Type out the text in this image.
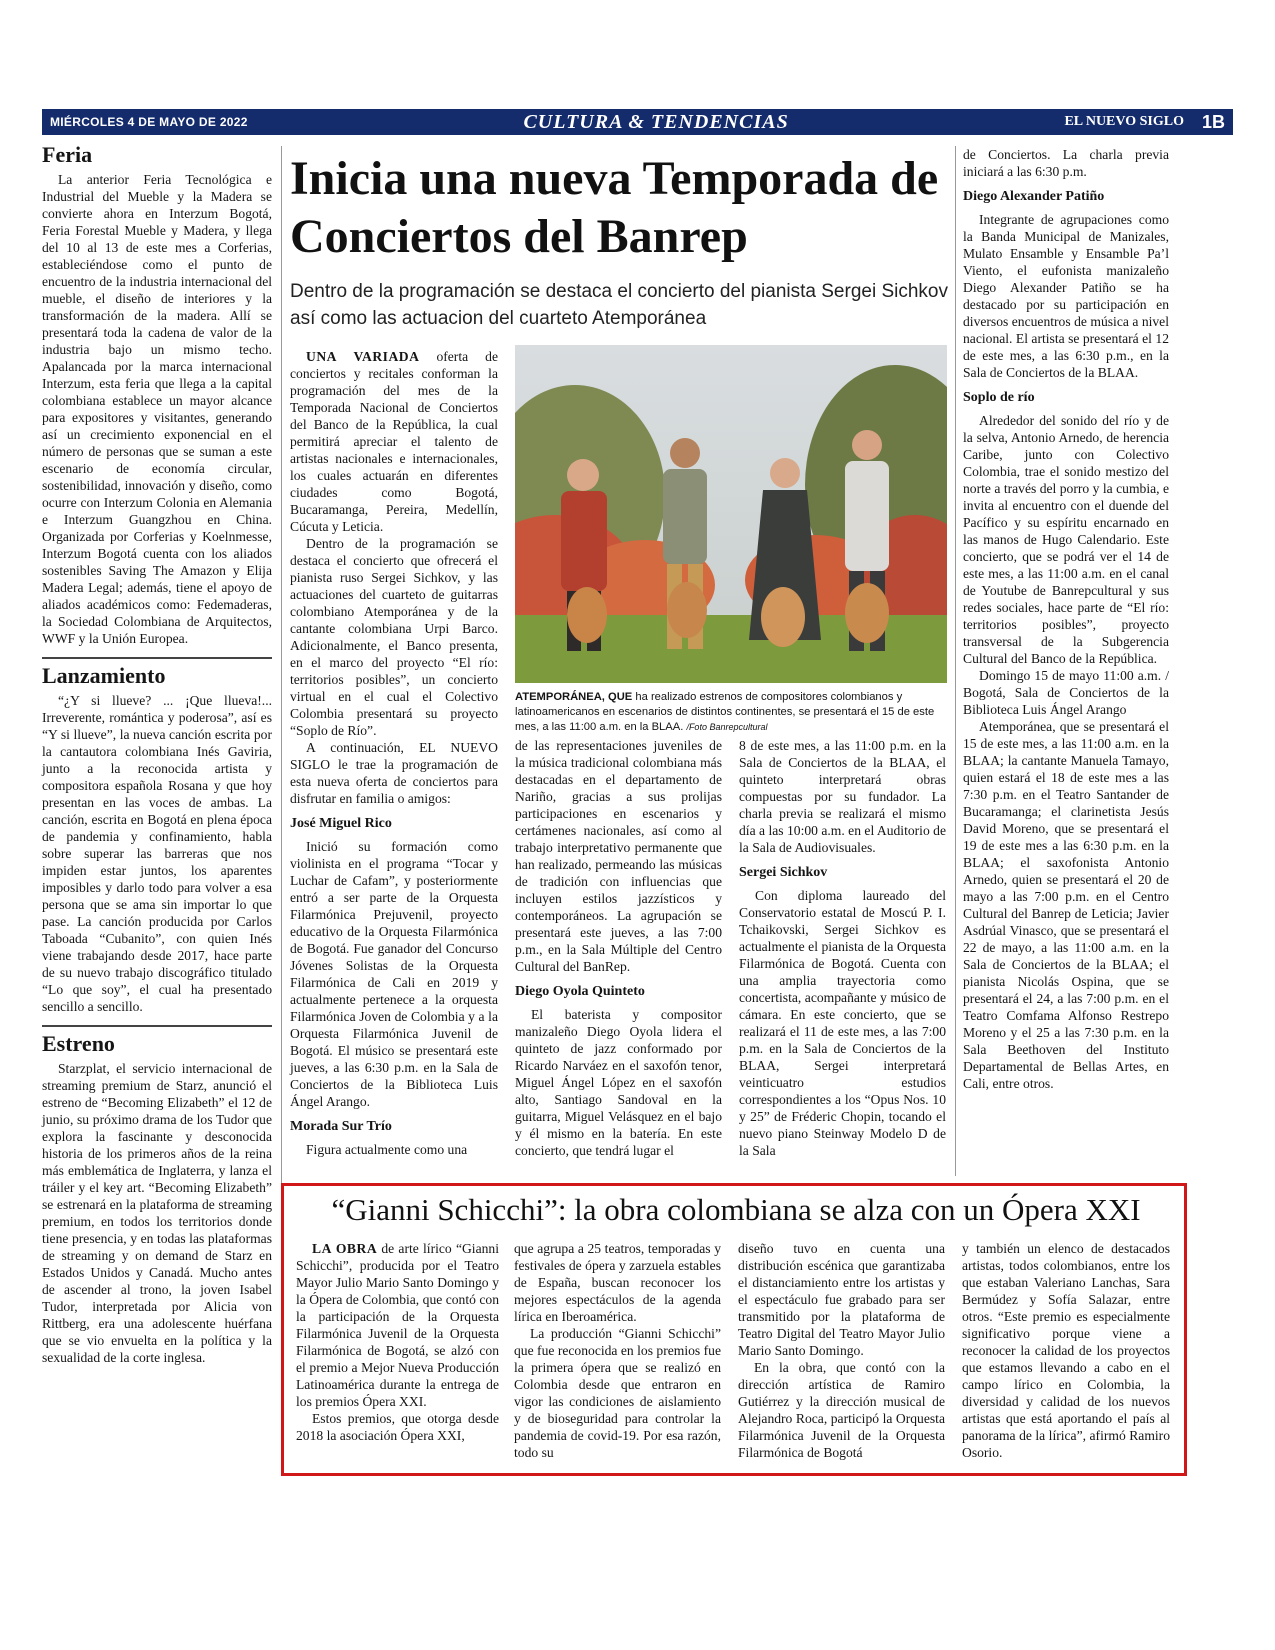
MIÉRCOLES 4 DE MAYO DE 2022	CULTURA & TENDENCIAS	EL NUEVO SIGLO 1B
Feria

La anterior Feria Tecnológica e Industrial del Mueble y la Madera se convierte ahora en Interzum Bogotá, Feria Forestal Mueble y Madera, y llega del 10 al 13 de este mes a Corferias, estableciéndose como el punto de encuentro de la industria internacional del mueble, el diseño de interiores y la transformación de la madera. Allí se presentará toda la cadena de valor de la industria bajo un mismo techo. Apalancada por la marca internacional Interzum, esta feria que llega a la capital colombiana establece un mayor alcance para expositores y visitantes, generando así un crecimiento exponencial en el número de personas que se suman a este escenario de economía circular, sostenibilidad, innovación y diseño, como ocurre con Interzum Colonia en Alemania e Interzum Guangzhou en China. Organizada por Corferias y Koelnmesse, Interzum Bogotá cuenta con los aliados sostenibles Saving The Amazon y Elija Madera Legal; además, tiene el apoyo de aliados académicos como: Fedemaderas, la Sociedad Colombiana de Arquitectos, WWF y la Unión Europea.

Lanzamiento

“¿Y si llueve? ... ¡Que llueva!... Irreverente, romántica y poderosa”, así es “Y si llueve”, la nueva canción escrita por la cantautora colombiana Inés Gaviria, junto a la reconocida artista y compositora española Rosana y que hoy presentan en las voces de ambas. La canción, escrita en Bogotá en plena época de pandemia y confinamiento, habla sobre superar las barreras que nos impiden estar juntos, los aparentes imposibles y darlo todo para volver a esa persona que se ama sin importar lo que pase. La canción producida por Carlos Taboada “Cubanito”, con quien Inés viene trabajando desde 2017, hace parte de su nuevo trabajo discográfico titulado “Lo que soy”, el cual ha presentado sencillo a sencillo.

Estreno

Starzplat, el servicio internacional de streaming premium de Starz, anunció el estreno de “Becoming Elizabeth” el 12 de junio, su próximo drama de los Tudor que explora la fascinante y desconocida historia de los primeros años de la reina más emblemática de Inglaterra, y lanza el tráiler y el key art. “Becoming Elizabeth” se estrenará en la plataforma de streaming premium, en todos los territorios donde tiene presencia, y en todas las plataformas de streaming y on demand de Starz en Estados Unidos y Canadá. Mucho antes de ascender al trono, la joven Isabel Tudor, interpretada por Alicia von Rittberg, era una adolescente huérfana que se vio envuelta en la política y la sexualidad de la corte inglesa.

Inicia una nueva Temporada de Conciertos del Banrep
Dentro de la programación se destaca el concierto del pianista Sergei Sichkov así como las actuacion del cuarteto Atemporánea

UNA VARIADA oferta de conciertos y recitales conforman la programación del mes de la Temporada Nacional de Conciertos del Banco de la República, la cual permitirá apreciar el talento de artistas nacionales e internacionales, los cuales actuarán en diferentes ciudades como Bogotá, Bucaramanga, Pereira, Medellín, Cúcuta y Leticia.

Dentro de la programación se destaca el concierto que ofrecerá el pianista ruso Sergei Sichkov, y las actuaciones del cuarteto de guitarras colombiano Atemporánea y de la cantante colombiana Urpi Barco. Adicionalmente, el Banco presenta, en el marco del proyecto “El río: territorios posibles”, un concierto virtual en el cual el Colectivo Colombia presentará su proyecto “Soplo de Río”.

A continuación, EL NUEVO SIGLO le trae la programación de esta nueva oferta de conciertos para disfrutar en familia o amigos:

José Miguel Rico

Inició su formación como violinista en el programa “Tocar y Luchar de Cafam”, y posteriormente entró a ser parte de la Orquesta Filarmónica Prejuvenil, proyecto educativo de la Orquesta Filarmónica de Bogotá. Fue ganador del Concurso Jóvenes Solistas de la Orquesta Filarmónica de Cali en 2019 y actualmente pertenece a la orquesta Filarmónica Joven de Colombia y a la Orquesta Filarmónica Juvenil de Bogotá. El músico se presentará este jueves, a las 6:30 p.m. en la Sala de Conciertos de la Biblioteca Luis Ángel Arango.

Morada Sur Trío

Figura actualmente como una

ATEMPORÁNEA, QUE ha realizado estrenos de compositores colombianos y latinoamericanos en escenarios de distintos continentes, se presentará el 15 de este mes, a las 11:00 a.m. en la BLAA. /Foto Banrepcultural

de las representaciones juveniles de la música tradicional colombiana más destacadas en el departamento de Nariño, gracias a sus prolijas participaciones en escenarios y certámenes nacionales, así como al trabajo interpretativo permanente que han realizado, permeando las músicas de tradición con influencias que incluyen estilos jazzísticos y contemporáneos. La agrupación se presentará este jueves, a las 7:00 p.m., en la Sala Múltiple del Centro Cultural del BanRep.

Diego Oyola Quinteto

El baterista y compositor manizaleño Diego Oyola lidera el quinteto de jazz conformado por Ricardo Narváez en el saxofón tenor, Miguel Ángel López en el saxofón alto, Santiago Sandoval en la guitarra, Miguel Velásquez en el bajo y él mismo en la batería. En este concierto, que tendrá lugar el

8 de este mes, a las 11:00 p.m. en la Sala de Conciertos de la BLAA, el quinteto interpretará obras compuestas por su fundador. La charla previa se realizará el mismo día a las 10:00 a.m. en el Auditorio de la Sala de Audiovisuales.

Sergei Sichkov

Con diploma laureado del Conservatorio estatal de Moscú P. I. Tchaikovski, Sergei Sichkov es actualmente el pianista de la Orquesta Filarmónica de Bogotá. Cuenta con una amplia trayectoria como concertista, acompañante y músico de cámara. En este concierto, que se realizará el 11 de este mes, a las 7:00 p.m. en la Sala de Conciertos de la BLAA, Sergei interpretará veinticuatro estudios correspondientes a los “Opus Nos. 10 y 25” de Fréderic Chopin, tocando el nuevo piano Steinway Modelo D de la Sala

de Conciertos. La charla previa iniciará a las 6:30 p.m.

Diego Alexander Patiño

Integrante de agrupaciones como la Banda Municipal de Manizales, Mulato Ensamble y Ensamble Pa’l Viento, el eufonista manizaleño Diego Alexander Patiño se ha destacado por su participación en diversos encuentros de música a nivel nacional. El artista se presentará el 12 de este mes, a las 6:30 p.m., en la Sala de Conciertos de la BLAA.

Soplo de río

Alrededor del sonido del río y de la selva, Antonio Arnedo, de herencia Caribe, junto con Colectivo Colombia, trae el sonido mestizo del norte a través del porro y la cumbia, e invita al encuentro con el duende del Pacífico y su espíritu encarnado en las manos de Hugo Calendario. Este concierto, que se podrá ver el 14 de este mes, a las 11:00 a.m. en el canal de Youtube de Banrepcultural y sus redes sociales, hace parte de “El río: territorios posibles”, proyecto transversal de la Subgerencia Cultural del Banco de la República.

Domingo 15 de mayo 11:00 a.m. / Bogotá, Sala de Conciertos de la Biblioteca Luis Ángel Arango

Atemporánea, que se presentará el 15 de este mes, a las 11:00 a.m. en la BLAA; la cantante Manuela Tamayo, quien estará el 18 de este mes a las 7:30 p.m. en el Teatro Santander de Bucaramanga; el clarinetista Jesús David Moreno, que se presentará el 19 de este mes a las 6:30 p.m. en la BLAA; el saxofonista Antonio Arnedo, quien se presentará el 20 de mayo a las 7:00 p.m. en el Centro Cultural del Banrep de Leticia; Javier Asdrúal Vinasco, que se presentará el 22 de mayo, a las 11:00 a.m. en la Sala de Conciertos de la BLAA; el pianista Nicolás Ospina, que se presentará el 24, a las 7:00 p.m. en el Teatro Comfama Alfonso Restrepo Moreno y el 25 a las 7:30 p.m. en la Sala Beethoven del Instituto Departamental de Bellas Artes, en Cali, entre otros.

“Gianni Schicchi”: la obra colombiana se alza con un Ópera XXI

LA OBRA de arte lírico “Gianni Schicchi”, producida por el Teatro Mayor Julio Mario Santo Domingo y la Ópera de Colombia, que contó con la participación de la Orquesta Filarmónica Juvenil de la Orquesta Filarmónica de Bogotá, se alzó con el premio a Mejor Nueva Producción Latinoamérica durante la entrega de los premios Ópera XXI.

Estos premios, que otorga desde 2018 la asociación Ópera XXI,

que agrupa a 25 teatros, temporadas y festivales de ópera y zarzuela estables de España, buscan reconocer los mejores espectáculos de la agenda lírica en Iberoamérica.

La producción “Gianni Schicchi” que fue reconocida en los premios fue la primera ópera que se realizó en Colombia desde que entraron en vigor las condiciones de aislamiento y de bioseguridad para controlar la pandemia de covid-19. Por esa razón, todo su

diseño tuvo en cuenta una distribución escénica que garantizaba el distanciamiento entre los artistas y el espectáculo fue grabado para ser transmitido por la plataforma de Teatro Digital del Teatro Mayor Julio Mario Santo Domingo.

En la obra, que contó con la dirección artística de Ramiro Gutiérrez y la dirección musical de Alejandro Roca, participó la Orquesta Filarmónica Juvenil de la Orquesta Filarmónica de Bogotá

y también un elenco de destacados artistas, todos colombianos, entre los que estaban Valeriano Lanchas, Sara Bermúdez y Sofía Salazar, entre otros. “Este premio es especialmente significativo porque viene a reconocer la calidad de los proyectos que estamos llevando a cabo en el campo lírico en Colombia, la diversidad y calidad de los nuevos artistas que está aportando el país al panorama de la lírica”, afirmó Ramiro Osorio.
